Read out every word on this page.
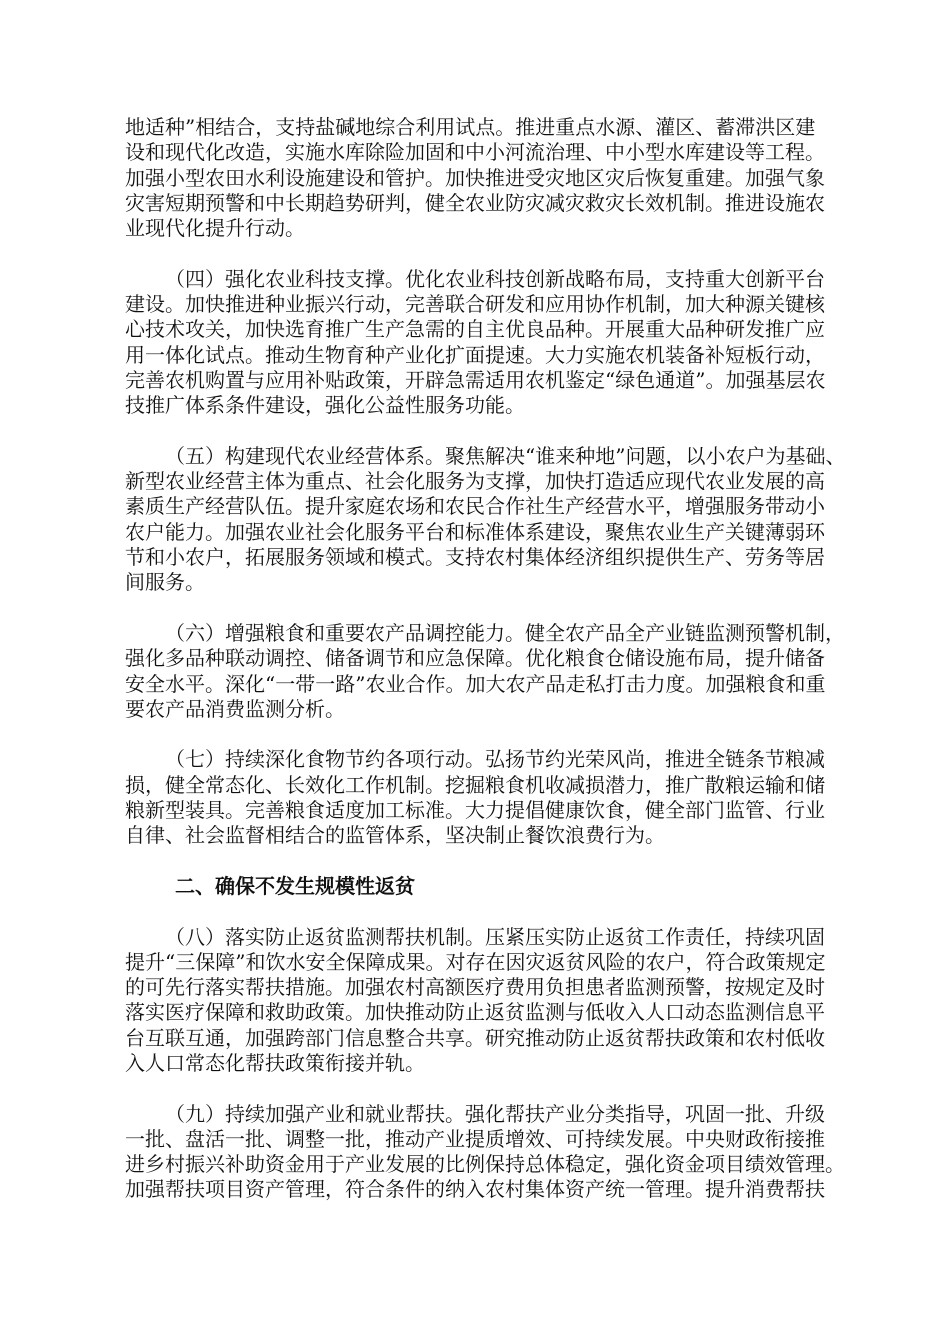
地适种”相结合，支持盐碱地综合利用试点。推进重点水源、灌区、蓄滞洪区建
设和现代化改造，实施水库除险加固和中小河流治理、中小型水库建设等工程。
加强小型农田水利设施建设和管护。加快推进受灾地区灾后恢复重建。加强气象
灾害短期预警和中长期趋势研判，健全农业防灾减灾救灾长效机制。推进设施农
业现代化提升行动。
（四）强化农业科技支撑。优化农业科技创新战略布局，支持重大创新平台
建设。加快推进种业振兴行动，完善联合研发和应用协作机制，加大种源关键核
心技术攻关，加快选育推广生产急需的自主优良品种。开展重大品种研发推广应
用一体化试点。推动生物育种产业化扩面提速。大力实施农机装备补短板行动，
完善农机购置与应用补贴政策，开辟急需适用农机鉴定“绿色通道”。加强基层农
技推广体系条件建设，强化公益性服务功能。
（五）构建现代农业经营体系。聚焦解决“谁来种地”问题，以小农户为基础、
新型农业经营主体为重点、社会化服务为支撑，加快打造适应现代农业发展的高
素质生产经营队伍。提升家庭农场和农民合作社生产经营水平，增强服务带动小
农户能力。加强农业社会化服务平台和标准体系建设，聚焦农业生产关键薄弱环
节和小农户，拓展服务领域和模式。支持农村集体经济组织提供生产、劳务等居
间服务。
（六）增强粮食和重要农产品调控能力。健全农产品全产业链监测预警机制，
强化多品种联动调控、储备调节和应急保障。优化粮食仓储设施布局，提升储备
安全水平。深化“一带一路”农业合作。加大农产品走私打击力度。加强粮食和重
要农产品消费监测分析。
（七）持续深化食物节约各项行动。弘扬节约光荣风尚，推进全链条节粮减
损，健全常态化、长效化工作机制。挖掘粮食机收减损潜力，推广散粮运输和储
粮新型装具。完善粮食适度加工标准。大力提倡健康饮食，健全部门监管、行业
自律、社会监督相结合的监管体系，坚决制止餐饮浪费行为。
二、确保不发生规模性返贫
（八）落实防止返贫监测帮扶机制。压紧压实防止返贫工作责任，持续巩固
提升“三保障”和饮水安全保障成果。对存在因灾返贫风险的农户，符合政策规定
的可先行落实帮扶措施。加强农村高额医疗费用负担患者监测预警，按规定及时
落实医疗保障和救助政策。加快推动防止返贫监测与低收入人口动态监测信息平
台互联互通，加强跨部门信息整合共享。研究推动防止返贫帮扶政策和农村低收
入人口常态化帮扶政策衔接并轨。
（九）持续加强产业和就业帮扶。强化帮扶产业分类指导，巩固一批、升级
一批、盘活一批、调整一批，推动产业提质增效、可持续发展。中央财政衔接推
进乡村振兴补助资金用于产业发展的比例保持总体稳定，强化资金项目绩效管理。
加强帮扶项目资产管理，符合条件的纳入农村集体资产统一管理。提升消费帮扶
